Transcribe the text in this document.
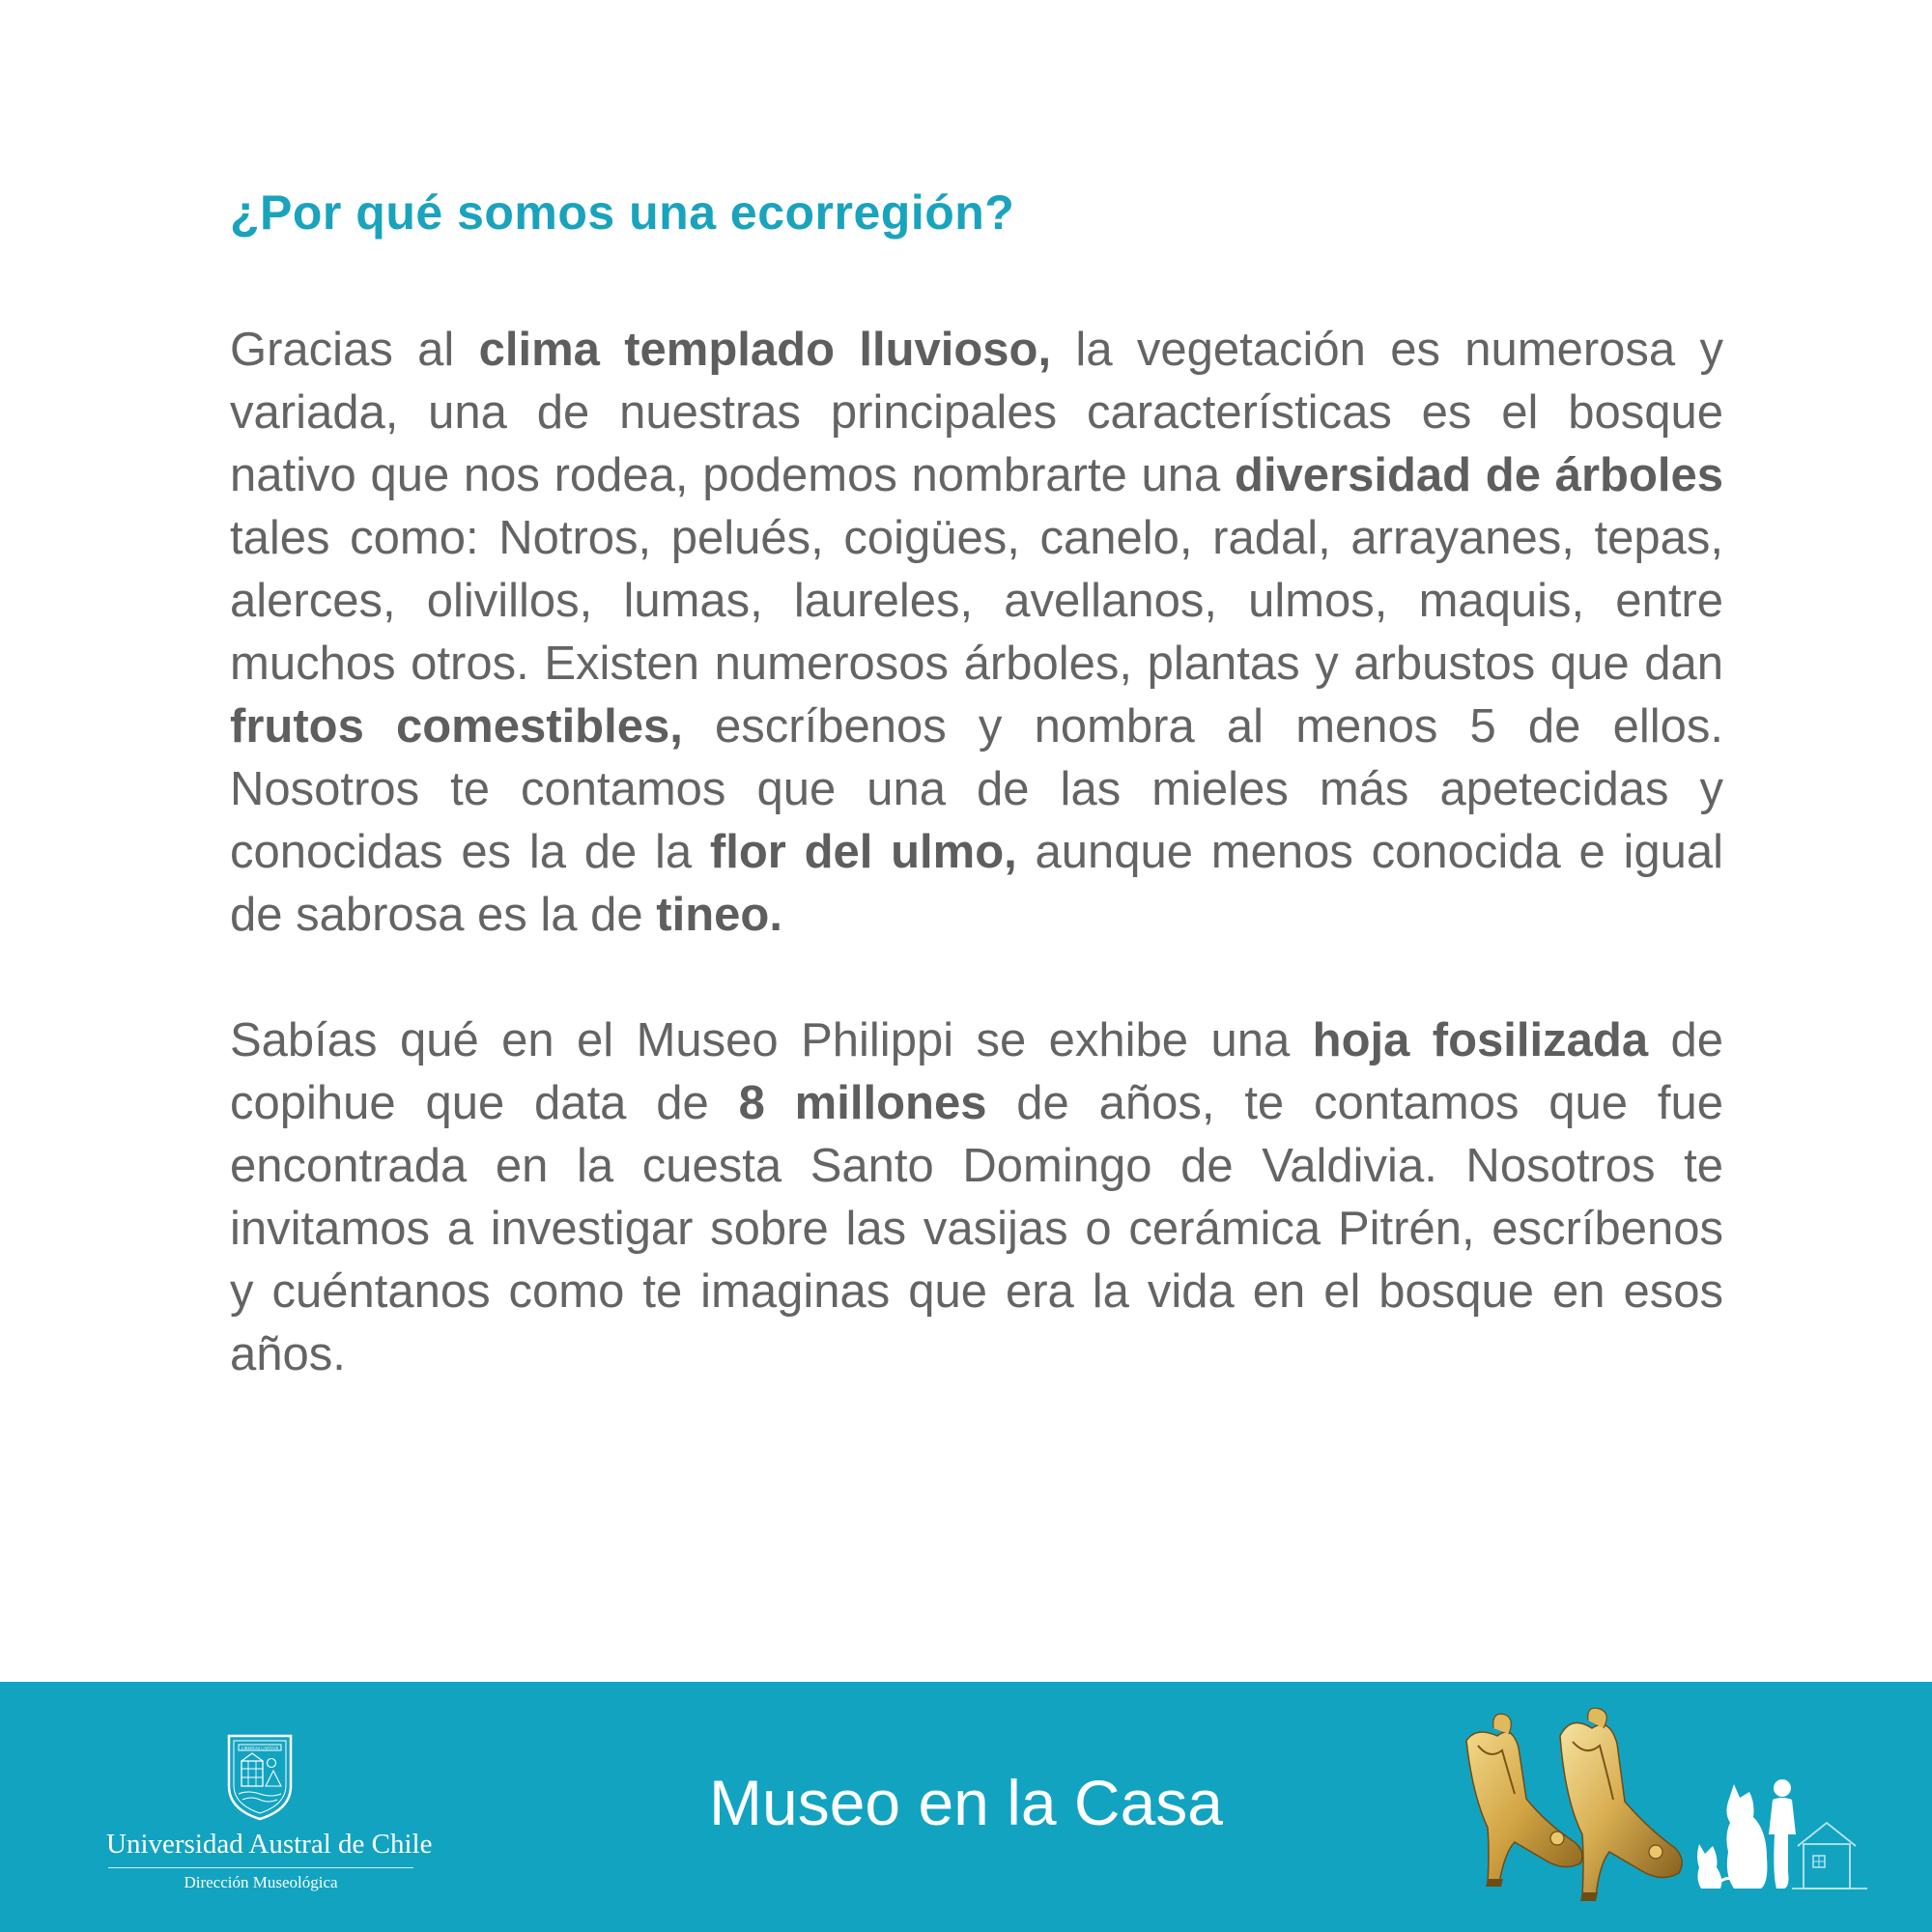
¿Por qué somos una ecorregión?

Gracias al clima templado lluvioso, la vegetación es numerosa y variada, una de nuestras principales características es el bosque nativo que nos rodea, podemos nombrarte una diversidad de árboles tales como: Notros, pelués, coigües, canelo, radal, arrayanes, tepas, alerces, olivillos, lumas, laureles, avellanos, ulmos, maquis, entre muchos otros. Existen numerosos árboles, plantas y arbustos que dan frutos comestibles, escríbenos y nombra al menos 5 de ellos. Nosotros te contamos que una de las mieles más apetecidas y conocidas es la de la flor del ulmo, aunque menos conocida e igual de sabrosa es la de tineo.

Sabías qué en el Museo Philippi se exhibe una hoja fosilizada de copihue que data de 8 millones de años, te contamos que fue encontrada en la cuesta Santo Domingo de Valdivia. Nosotros te invitamos a investigar sobre las vasijas o cerámica Pitrén, escríbenos y cuéntanos como te imaginas que era la vida en el bosque en esos años.

LIBERTAS CAPITUR
Universidad Austral de Chile
Dirección Museológica
Museo en la Casa
